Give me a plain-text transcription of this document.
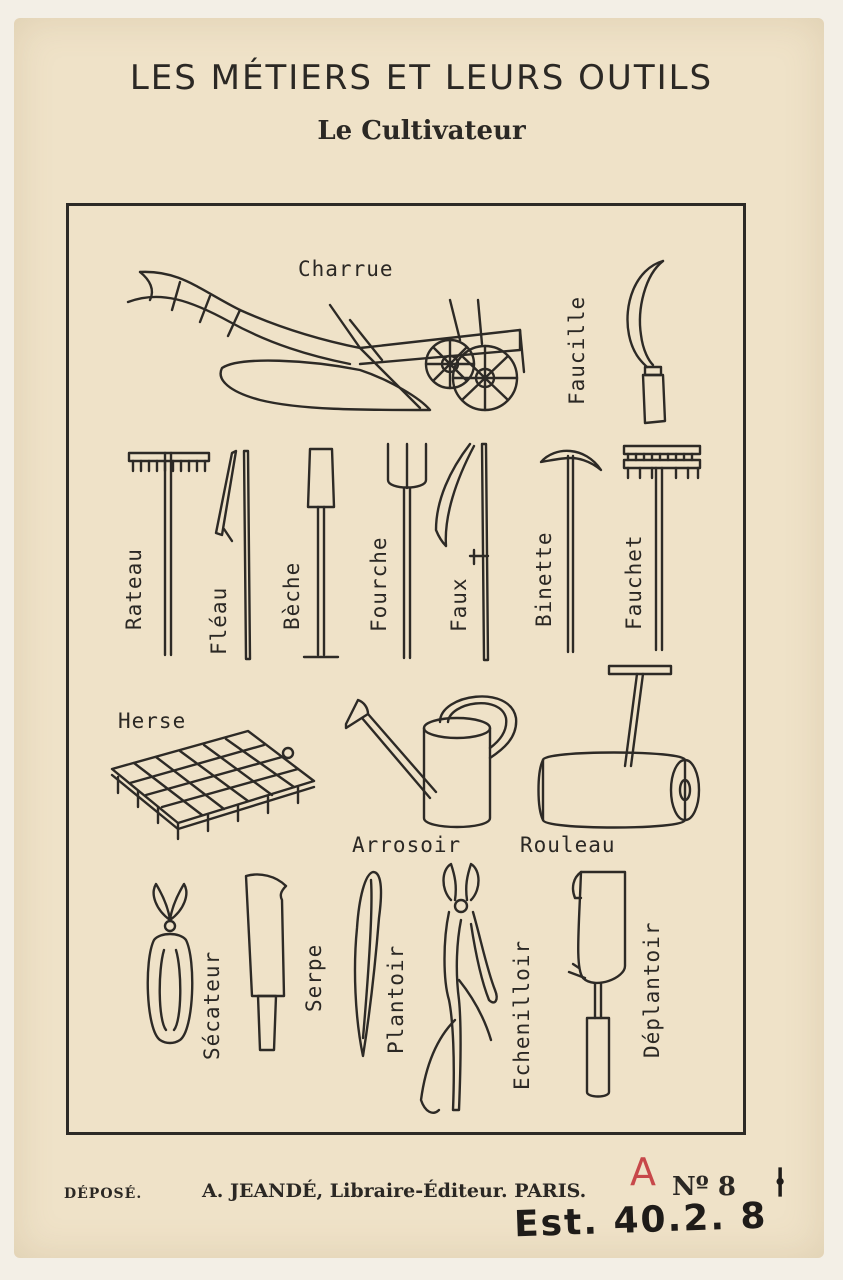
LES MÉTIERS ET LEURS OUTILS
Le Cultivateur
Charrue
Faucille
Rateau	Fléau Bèche	Fourche	Faux	Binette	Fauchet
Herse
Arrosoir	Rouleau
Sécateur	Serpe	Plantoir	Echenilloir	Déplantoir
DÉPOSÉ.	A. JEANDÉ, Libraire-Éditeur. PARIS. A Nº 8 ⍿
Est. 40.2. 8
